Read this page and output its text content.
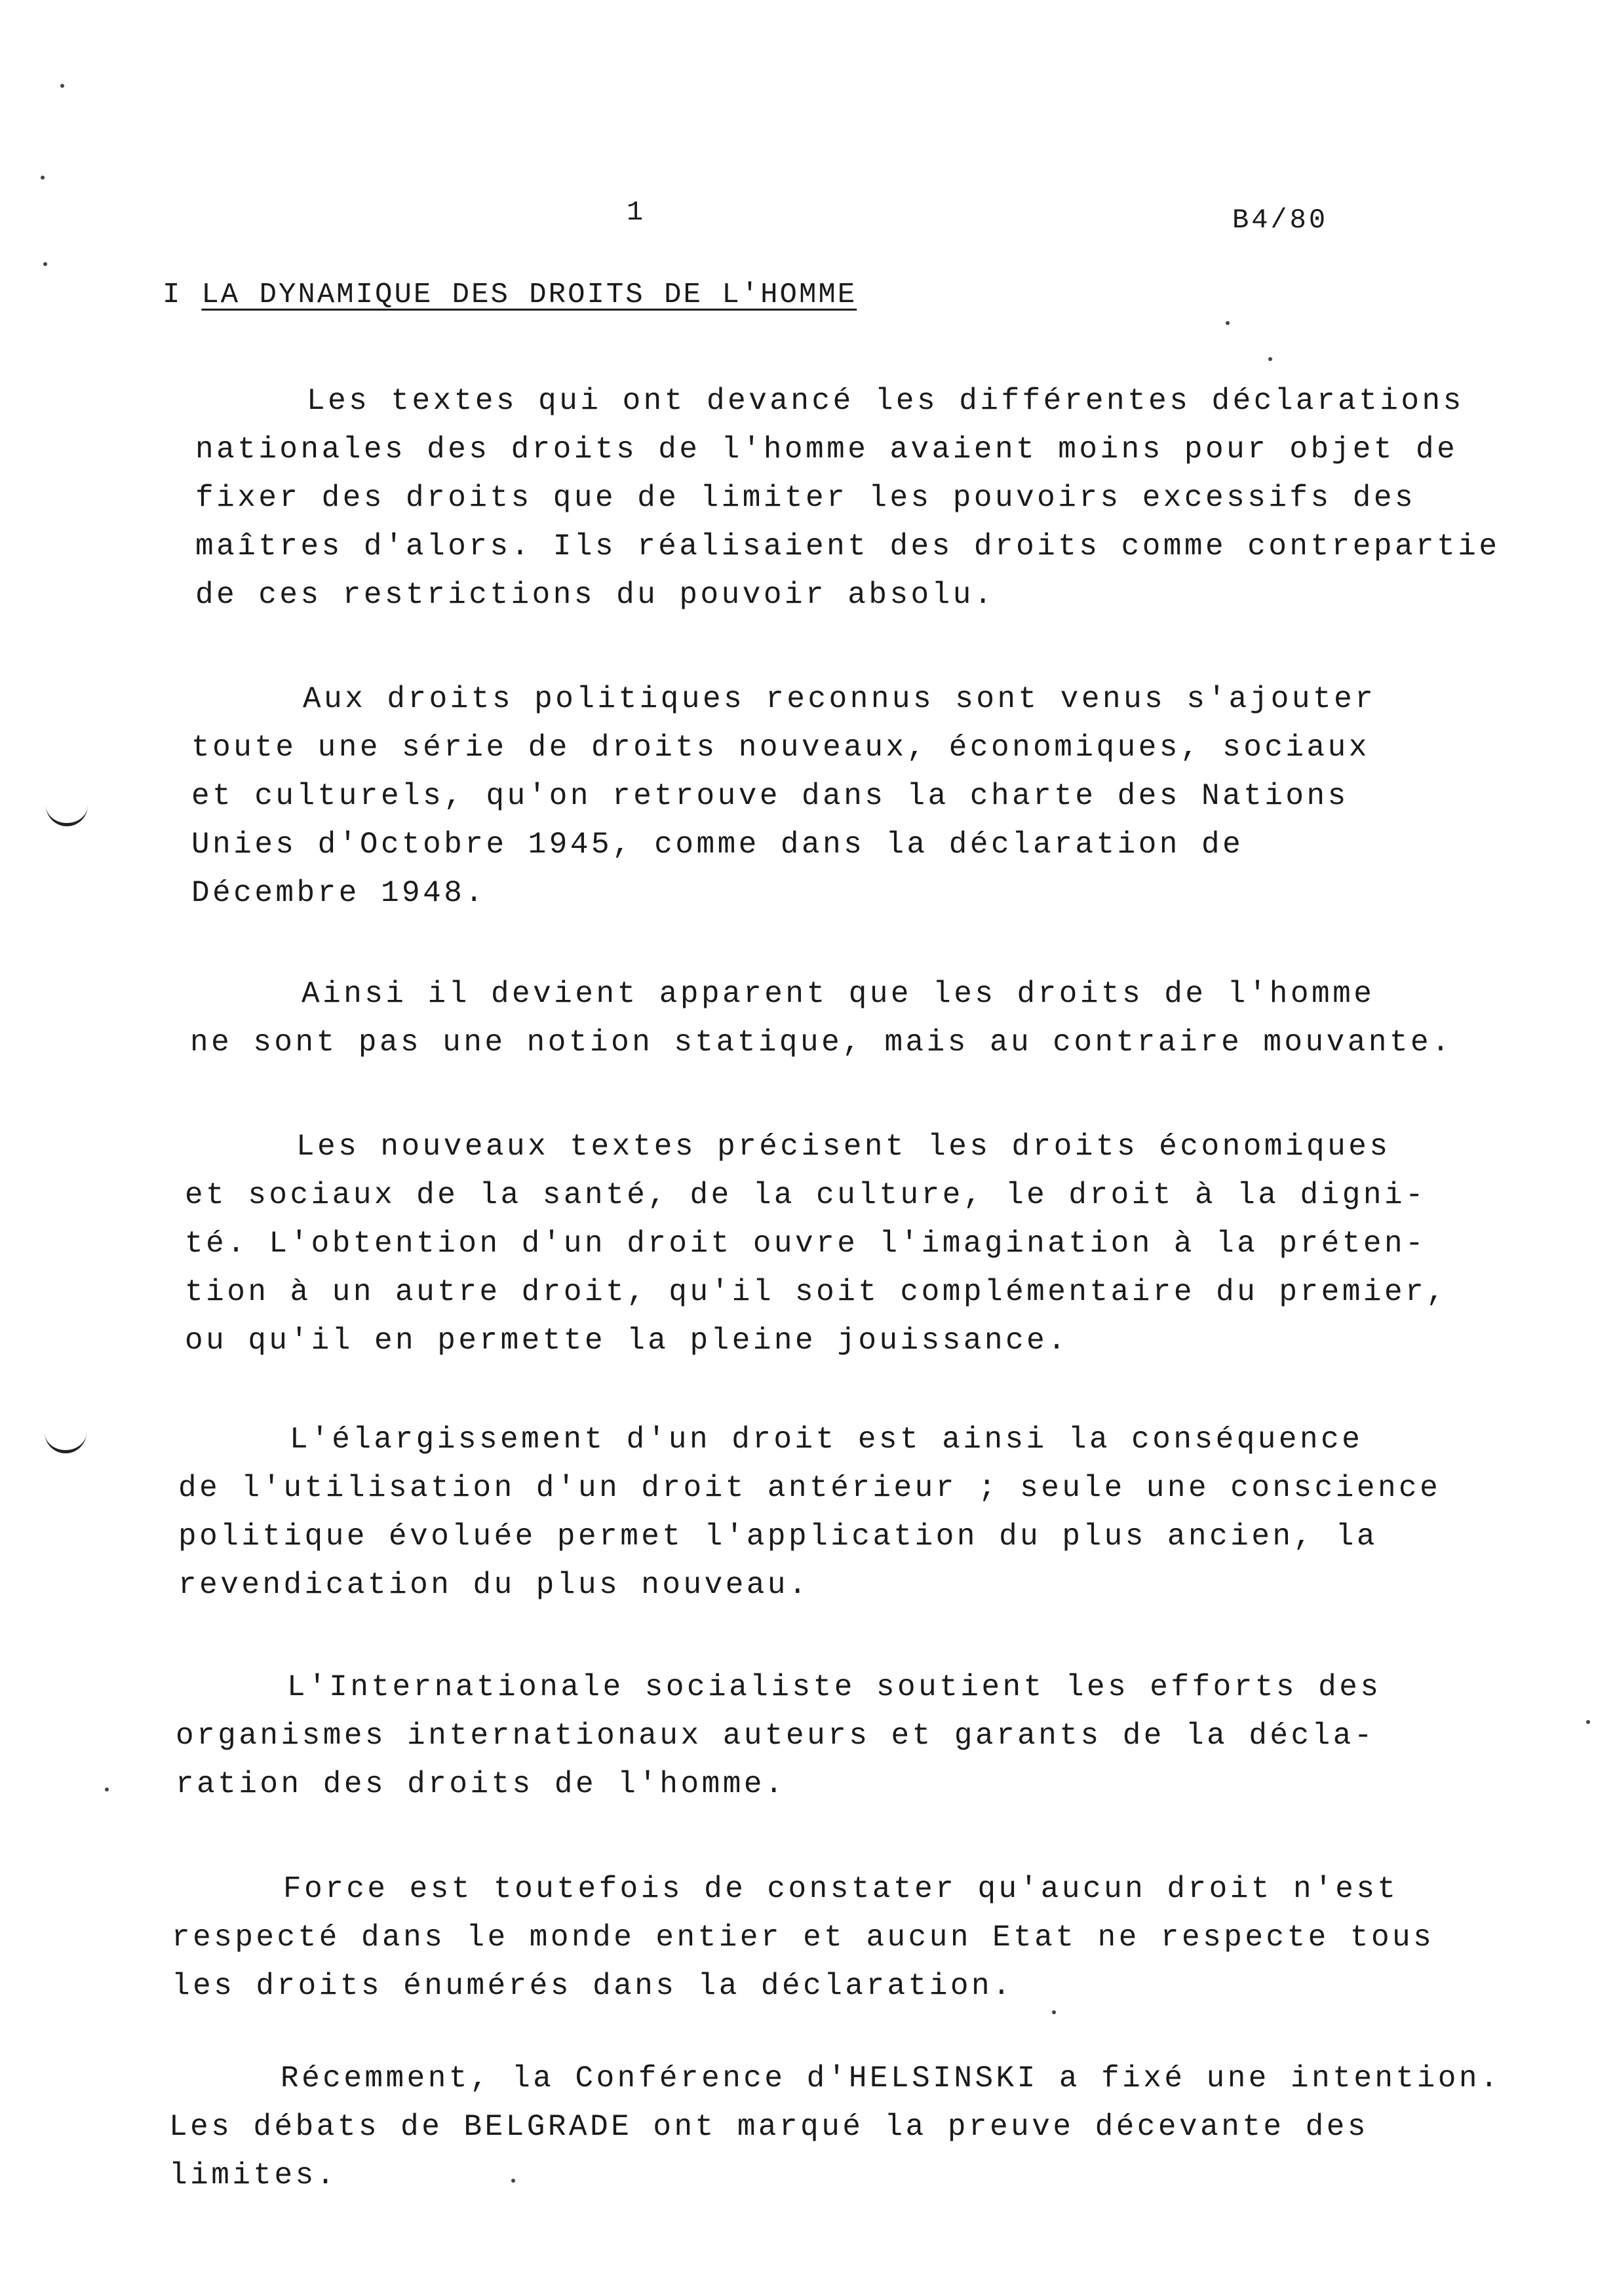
1	B4/80
I LA DYNAMIQUE DES DROITS DE L'HOMME
Les textes qui ont devancé les différentes déclarations
nationales des droits de l'homme avaient moins pour objet de
fixer des droits que de limiter les pouvoirs excessifs des
maîtres d'alors. Ils réalisaient des droits comme contrepartie
de ces restrictions du pouvoir absolu.
Aux droits politiques reconnus sont venus s'ajouter
toute une série de droits nouveaux, économiques, sociaux
et culturels, qu'on retrouve dans la charte des Nations
Unies d'Octobre 1945, comme dans la déclaration de
Décembre 1948.
Ainsi il devient apparent que les droits de l'homme
ne sont pas une notion statique, mais au contraire mouvante.
Les nouveaux textes précisent les droits économiques
et sociaux de la santé, de la culture, le droit à la digni-
té. L'obtention d'un droit ouvre l'imagination à la préten-
tion à un autre droit, qu'il soit complémentaire du premier,
ou qu'il en permette la pleine jouissance.
L'élargissement d'un droit est ainsi la conséquence
de l'utilisation d'un droit antérieur ; seule une conscience
politique évoluée permet l'application du plus ancien, la
revendication du plus nouveau.
L'Internationale socialiste soutient les efforts des
organismes internationaux auteurs et garants de la décla-
ration des droits de l'homme.
Force est toutefois de constater qu'aucun droit n'est
respecté dans le monde entier et aucun Etat ne respecte tous
les droits énumérés dans la déclaration.
Récemment, la Conférence d'HELSINSKI a fixé une intention.
Les débats de BELGRADE ont marqué la preuve décevante des
limites.
